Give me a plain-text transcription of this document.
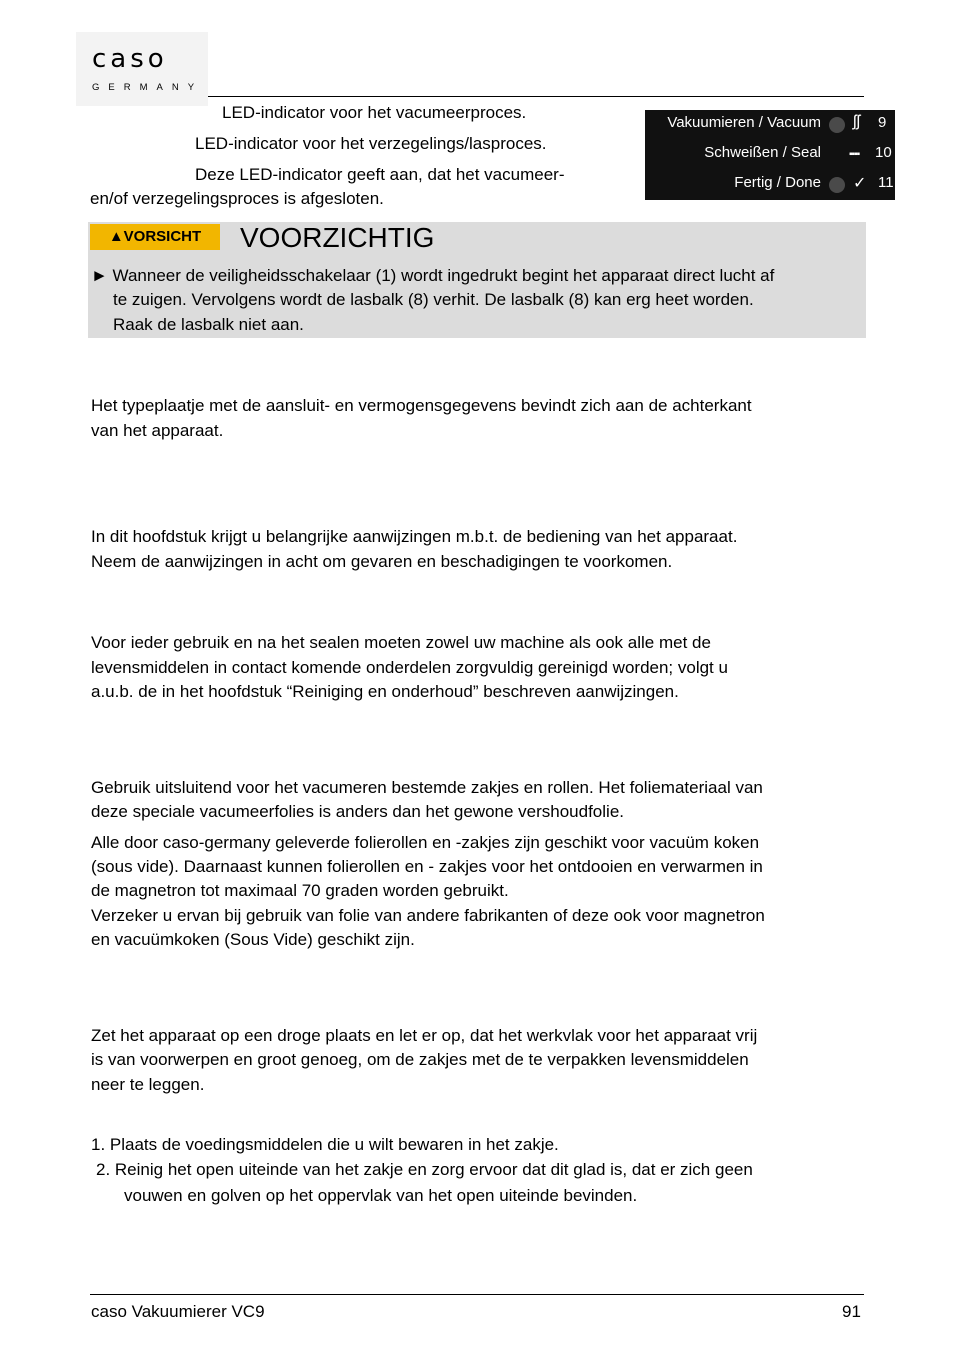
caso
GERMANY
LED-indicator voor het vacumeerproces.
LED-indicator voor het verzegelings/lasproces.
Deze LED-indicator geeft aan, dat het vacumeer-
en/of verzegelingsproces is afgesloten.
Vakuumieren / Vacuum ʃʃ 9
Schweißen / Seal	▪▪▪▪ 10
Fertig / Done ✓ 11
▲VORSICHT	VOORZICHTIG
► Wanneer de veiligheidsschakelaar (1) wordt ingedrukt begint het apparaat direct lucht af
te zuigen. Vervolgens wordt de lasbalk (8) verhit. De lasbalk (8) kan erg heet worden.
Raak de lasbalk niet aan.
Het typeplaatje met de aansluit- en vermogensgegevens bevindt zich aan de achterkant
van het apparaat.
In dit hoofdstuk krijgt u belangrijke aanwijzingen m.b.t. de bediening van het apparaat.
Neem de aanwijzingen in acht om gevaren en beschadigingen te voorkomen.
Voor ieder gebruik en na het sealen moeten zowel uw machine als ook alle met de
levensmiddelen in contact komende onderdelen zorgvuldig gereinigd worden; volgt u
a.u.b. de in het hoofdstuk “Reiniging en onderhoud” beschreven aanwijzingen.
Gebruik uitsluitend voor het vacumeren bestemde zakjes en rollen. Het foliemateriaal van
deze speciale vacumeerfolies is anders dan het gewone vershoudfolie.
Alle door caso-germany geleverde folierollen en -zakjes zijn geschikt voor vacuüm koken
(sous vide). Daarnaast kunnen folierollen en - zakjes voor het ontdooien en verwarmen in
de magnetron tot maximaal 70 graden worden gebruikt.
Verzeker u ervan bij gebruik van folie van andere fabrikanten of deze ook voor magnetron
en vacuümkoken (Sous Vide) geschikt zijn.
Zet het apparaat op een droge plaats en let er op, dat het werkvlak voor het apparaat vrij
is van voorwerpen en groot genoeg, om de zakjes met de te verpakken levensmiddelen
neer te leggen.
1. Plaats de voedingsmiddelen die u wilt bewaren in het zakje.
2. Reinig het open uiteinde van het zakje en zorg ervoor dat dit glad is, dat er zich geen
vouwen en golven op het oppervlak van het open uiteinde bevinden.
caso Vakuumierer VC9	91
